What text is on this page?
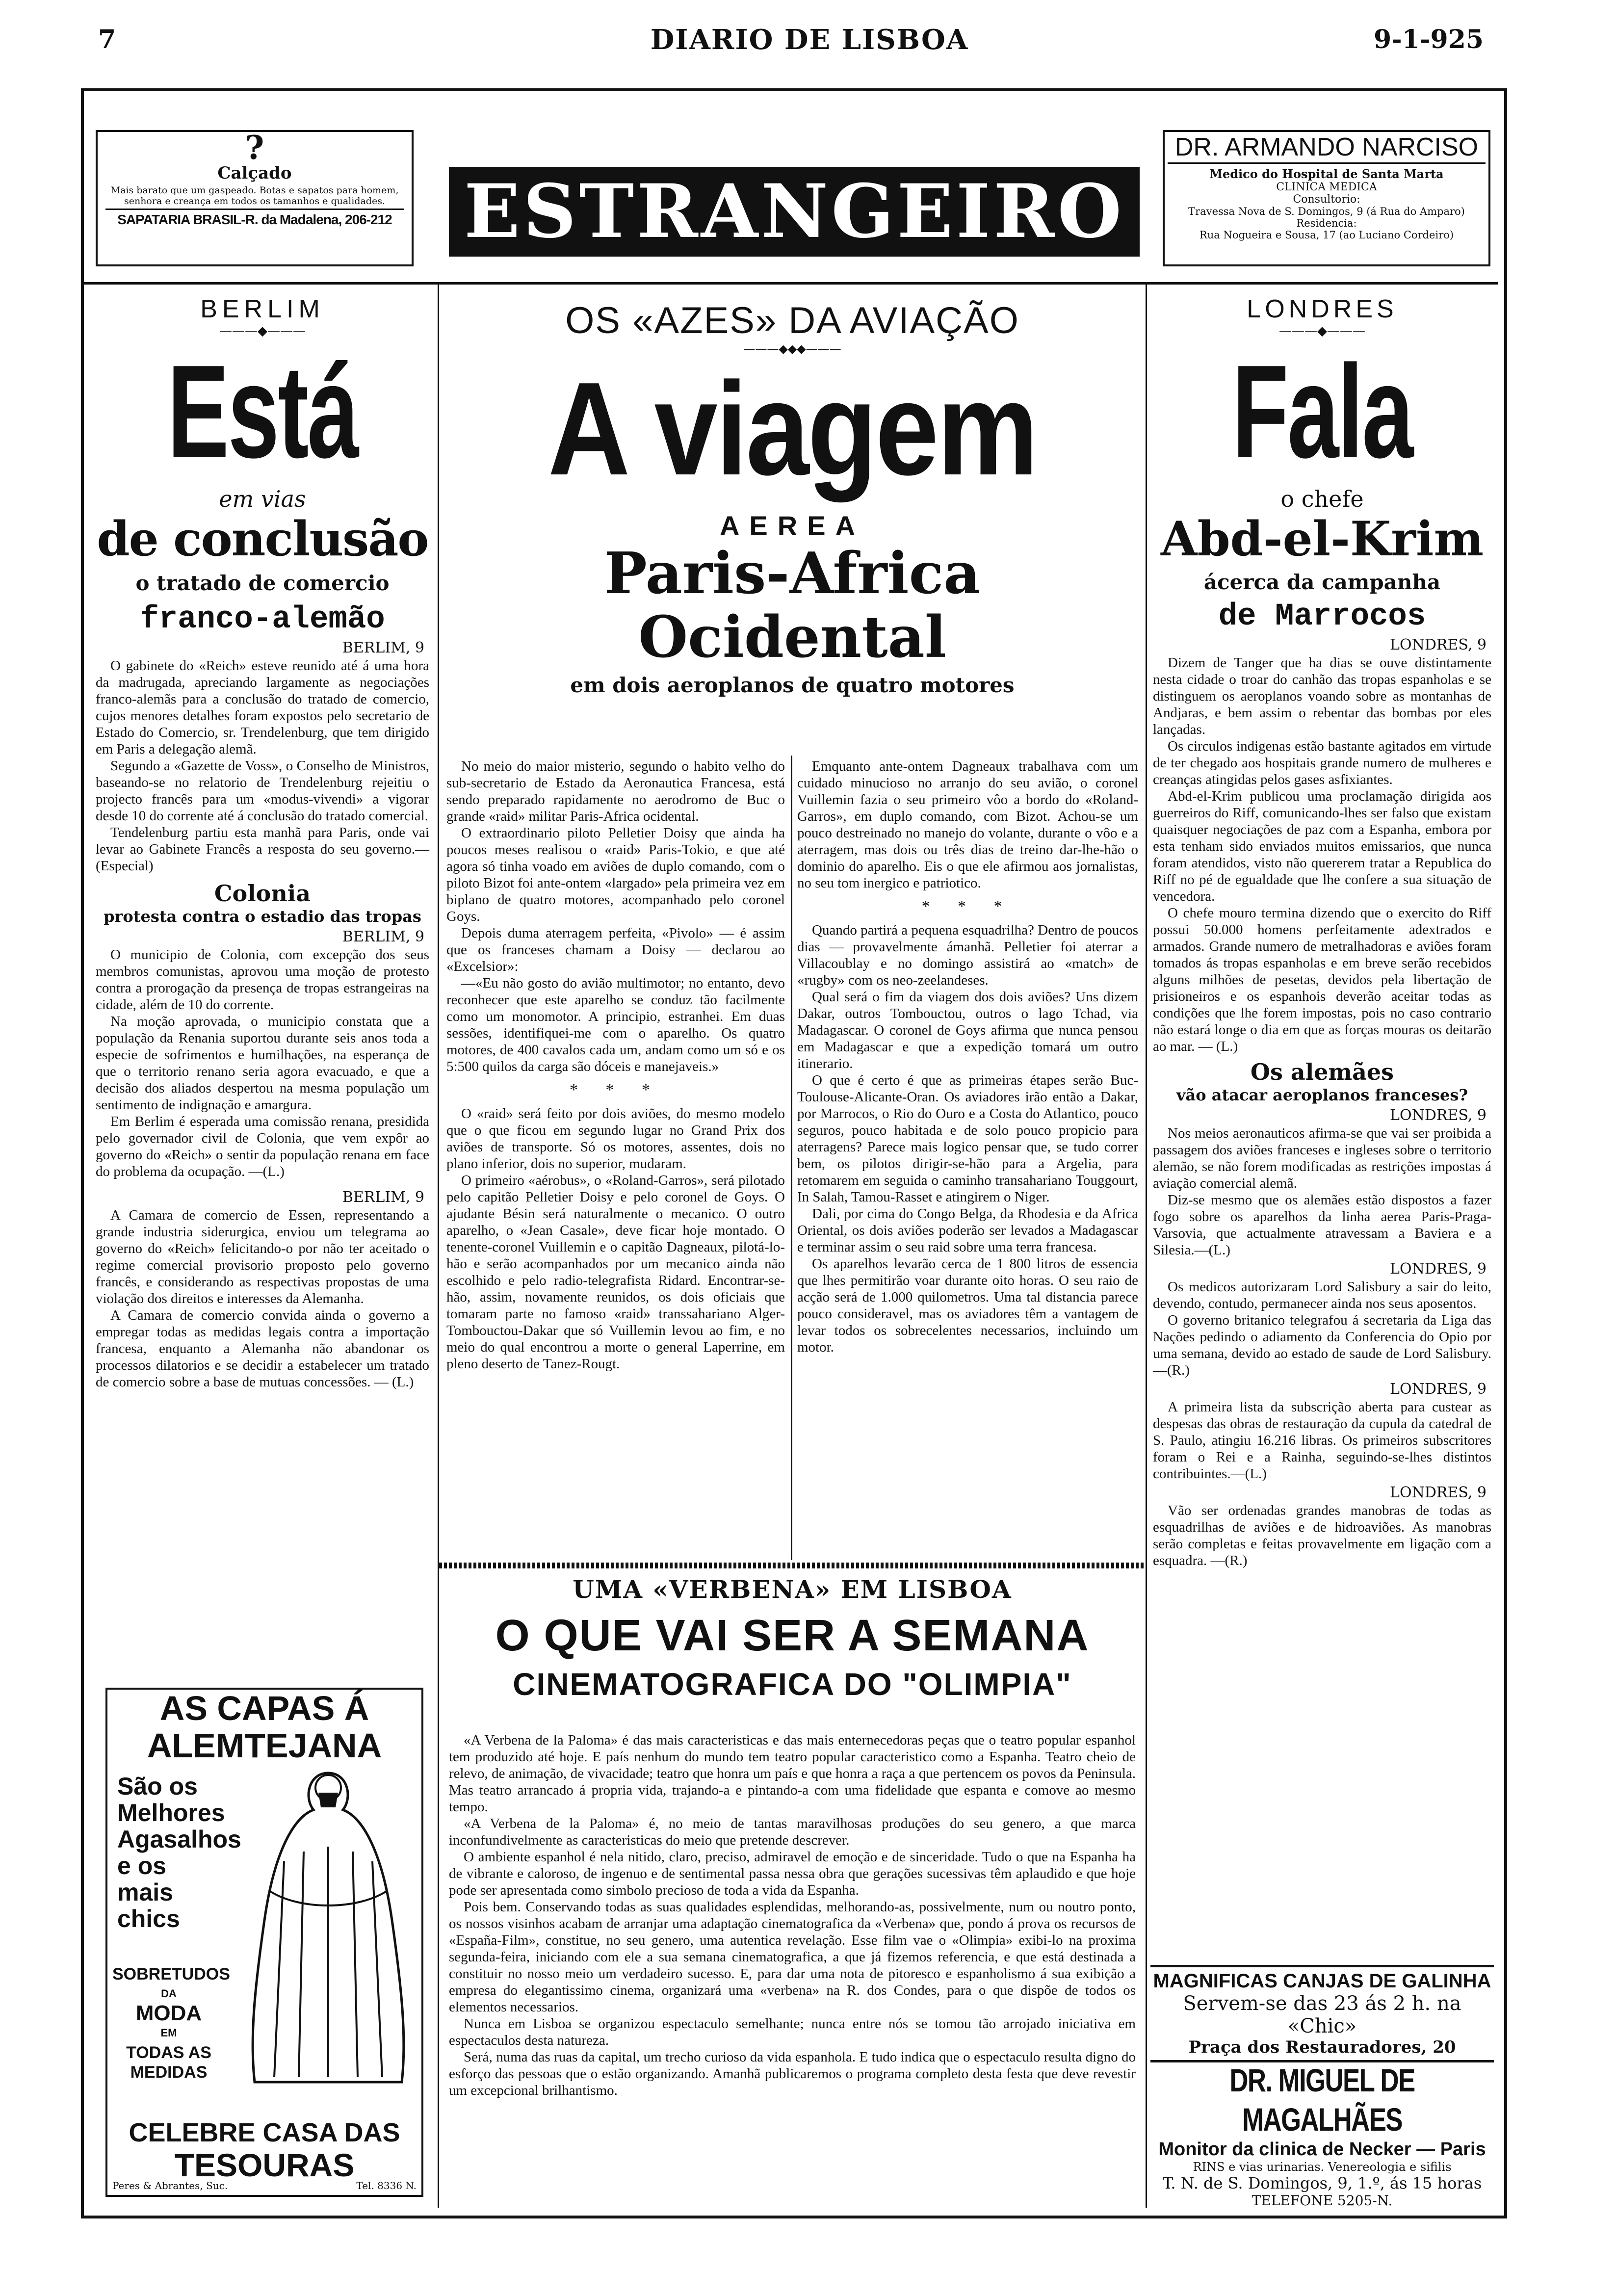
7	DIARIO DE LISBOA	9-1-925
?
Calçado
Mais barato que um gaspeado. Botas e sapatos para homem, senhora e creança em todos os tamanhos e qualidades.
SAPATARIA BRASIL-R. da Madalena, 206-212 ESTRANGEIRO
DR. ARMANDO NARCISO
Medico do Hospital de Santa Marta
CLINICA MEDICA
Consultorio:
Travessa Nova de S. Domingos, 9 (á Rua do Amparo)
Residencia:
Rua Nogueira e Sousa, 17 (ao Luciano Cordeiro)
BERLIM
———◆———
Está
em vias
de conclusão
o tratado de comercio
franco-alemão
BERLIM, 9

O gabinete do «Reich» esteve reunido até á uma hora da madrugada, apreciando largamente as negociações franco-alemãs para a conclusão do tratado de comercio, cujos menores detalhes foram expostos pelo secretario de Estado do Comercio, sr. Trendelenburg, que tem dirigido em Paris a delegação alemã.

Segundo a «Gazette de Voss», o Conselho de Ministros, baseando-se no relatorio de Trendelenburg rejeitiu o projecto francês para um «modus-vivendi» a vigorar desde 10 do corrente até á conclusão do tratado comercial.

Tendelenburg partiu esta manhã para Paris, onde vai levar ao Gabinete Francês a resposta do seu governo.—(Especial)

Colonia
protesta contra o estadio das tropas
BERLIM, 9

O municipio de Colonia, com excepção dos seus membros comunistas, aprovou uma moção de protesto contra a prorogação da presença de tropas estrangeiras na cidade, além de 10 do corrente.

Na moção aprovada, o municipio constata que a população da Renania suportou durante seis anos toda a especie de sofrimentos e humilhações, na esperança de que o territorio renano seria agora evacuado, e que a decisão dos aliados despertou na mesma população um sentimento de indignação e amargura.

Em Berlim é esperada uma comissão renana, presidida pelo governador civil de Colonia, que vem expôr ao governo do «Reich» o sentir da população renana em face do problema da ocupação. —(L.)

BERLIM, 9

A Camara de comercio de Essen, representando a grande industria siderurgica, enviou um telegrama ao governo do «Reich» felicitando-o por não ter aceitado o regime comercial provisorio proposto pelo governo francês, e considerando as respectivas propostas de uma violação dos direitos e interesses da Alemanha.

A Camara de comercio convida ainda o governo a empregar todas as medidas legais contra a importação francesa, enquanto a Alemanha não abandonar os processos dilatorios e se decidir a estabelecer um tratado de comercio sobre a base de mutuas concessões. — (L.)

AS CAPAS Á
ALEMTEJANA
São os
Melhores
Agasalhos
e os
mais
chics
SOBRETUDOS
DA
MODA
EM
TODAS AS
MEDIDAS
CELEBRE CASA DAS
TESOURAS
Peres & Abrantes, Suc.	Tel. 8336 N.
OS «AZES» DA AVIAÇÃO
———◆◆◆———
A viagem
AEREA
Paris-Africa Ocidental
em dois aeroplanos de quatro motores

No meio do maior misterio, segundo o habito velho do sub-secretario de Estado da Aeronautica Francesa, está sendo preparado rapidamente no aerodromo de Buc o grande «raid» militar Paris-Africa ocidental.

O extraordinario piloto Pelletier Doisy que ainda ha poucos meses realisou o «raid» Paris-Tokio, e que até agora só tinha voado em aviões de duplo comando, com o piloto Bizot foi ante-ontem «largado» pela primeira vez em biplano de quatro motores, acompanhado pelo coronel Goys.

Depois duma aterragem perfeita, «Pivolo» — é assim que os franceses chamam a Doisy — declarou ao «Excelsior»:

—«Eu não gosto do avião multimotor; no entanto, devo reconhecer que este aparelho se conduz tão facilmente como um monomotor. A principio, estranhei. Em duas sessões, identifiquei-me com o aparelho. Os quatro motores, de 400 cavalos cada um, andam como um só e os 5:500 quilos da carga são dóceis e manejaveis.»

* * *

O «raid» será feito por dois aviões, do mesmo modelo que o que ficou em segundo lugar no Grand Prix dos aviões de transporte. Só os motores, assentes, dois no plano inferior, dois no superior, mudaram.

O primeiro «aérobus», o «Roland-Garros», será pilotado pelo capitão Pelletier Doisy e pelo coronel de Goys. O ajudante Bésin será naturalmente o mecanico. O outro aparelho, o «Jean Casale», deve ficar hoje montado. O tenente-coronel Vuillemin e o capitão Dagneaux, pilotá-lo-hão e serão acompanhados por um mecanico ainda não escolhido e pelo radio-telegrafista Ridard. Encontrar-se-hão, assim, novamente reunidos, os dois oficiais que tomaram parte no famoso «raid» transsahariano Alger-Tombouctou-Dakar que só Vuillemin levou ao fim, e no meio do qual encontrou a morte o general Laperrine, em pleno deserto de Tanez-Rougt.

Emquanto ante-ontem Dagneaux trabalhava com um cuidado minucioso no arranjo do seu avião, o coronel Vuillemin fazia o seu primeiro vôo a bordo do «Roland-Garros», em duplo comando, com Bizot. Achou-se um pouco destreinado no manejo do volante, durante o vôo e a aterragem, mas dois ou três dias de treino dar-lhe-hão o dominio do aparelho. Eis o que ele afirmou aos jornalistas, no seu tom inergico e patriotico.

* * *

Quando partirá a pequena esquadrilha? Dentro de poucos dias — provavelmente ámanhã. Pelletier foi aterrar a Villacoublay e no domingo assistirá ao «match» de «rugby» com os neo-zeelandeses.

Qual será o fim da viagem dos dois aviões? Uns dizem Dakar, outros Tombouctou, outros o lago Tchad, via Madagascar. O coronel de Goys afirma que nunca pensou em Madagascar e que a expedição tomará um outro itinerario.

O que é certo é que as primeiras étapes serão Buc-Toulouse-Alicante-Oran. Os aviadores irão então a Dakar, por Marrocos, o Rio do Ouro e a Costa do Atlantico, pouco seguros, pouco habitada e de solo pouco propicio para aterragens? Parece mais logico pensar que, se tudo correr bem, os pilotos dirigir-se-hão para a Argelia, para retomarem em seguida o caminho transahariano Touggourt, In Salah, Tamou-Rasset e atingirem o Niger.

Dali, por cima do Congo Belga, da Rhodesia e da Africa Oriental, os dois aviões poderão ser levados a Madagascar e terminar assim o seu raid sobre uma terra francesa.

Os aparelhos levarão cerca de 1 800 litros de essencia que lhes permitirão voar durante oito horas. O seu raio de acção será de 1.000 quilometros. Uma tal distancia parece pouco consideravel, mas os aviadores têm a vantagem de levar todos os sobrecelentes necessarios, incluindo um motor.

UMA «VERBENA» EM LISBOA
O QUE VAI SER A SEMANA
CINEMATOGRAFICA DO "OLIMPIA"

«A Verbena de la Paloma» é das mais caracteristicas e das mais enternecedoras peças que o teatro popular espanhol tem produzido até hoje. E país nenhum do mundo tem teatro popular caracteristico como a Espanha. Teatro cheio de relevo, de animação, de vivacidade; teatro que honra um país e que honra a raça a que pertencem os povos da Peninsula. Mas teatro arrancado á propria vida, trajando-a e pintando-a com uma fidelidade que espanta e comove ao mesmo tempo.

«A Verbena de la Paloma» é, no meio de tantas maravilhosas produções do seu genero, a que marca inconfundivelmente as caracteristicas do meio que pretende descrever.

O ambiente espanhol é nela nitido, claro, preciso, admiravel de emoção e de sinceridade. Tudo o que na Espanha ha de vibrante e caloroso, de ingenuo e de sentimental passa nessa obra que gerações sucessivas têm aplaudido e que hoje pode ser apresentada como simbolo precioso de toda a vida da Espanha.

Pois bem. Conservando todas as suas qualidades esplendidas, melhorando-as, possivelmente, num ou noutro ponto, os nossos visinhos acabam de arranjar uma adaptação cinematografica da «Verbena» que, pondo á prova os recursos de «España-Film», constitue, no seu genero, uma autentica revelação. Esse film vae o «Olimpia» exibi-lo na proxima segunda-feira, iniciando com ele a sua semana cinematografica, a que já fizemos referencia, e que está destinada a constituir no nosso meio um verdadeiro sucesso. E, para dar uma nota de pitoresco e espanholismo á sua exibição a empresa do elegantissimo cinema, organizará uma «verbena» na R. dos Condes, para o que dispõe de todos os elementos necessarios.

Nunca em Lisboa se organizou espectaculo semelhante; nunca entre nós se tomou tão arrojado iniciativa em espectaculos desta natureza.

Será, numa das ruas da capital, um trecho curioso da vida espanhola. E tudo indica que o espectaculo resulta digno do esforço das pessoas que o estão organizando. Amanhã publicaremos o programa completo desta festa que deve revestir um excepcional brilhantismo.

LONDRES
———◆———
Fala
o chefe
Abd-el-Krim
ácerca da campanha
de Marrocos
LONDRES, 9

Dizem de Tanger que ha dias se ouve distintamente nesta cidade o troar do canhão das tropas espanholas e se distinguem os aeroplanos voando sobre as montanhas de Andjaras, e bem assim o rebentar das bombas por eles lançadas.

Os circulos indigenas estão bastante agitados em virtude de ter chegado aos hospitais grande numero de mulheres e creanças atingidas pelos gases asfixiantes.

Abd-el-Krim publicou uma proclamação dirigida aos guerreiros do Riff, comunicando-lhes ser falso que existam quaisquer negociações de paz com a Espanha, embora por esta tenham sido enviados muitos emissarios, que nunca foram atendidos, visto não quererem tratar a Republica do Riff no pé de egualdade que lhe confere a sua situação de vencedora.

O chefe mouro termina dizendo que o exercito do Riff possui 50.000 homens perfeitamente adextrados e armados. Grande numero de metralhadoras e aviões foram tomados ás tropas espanholas e em breve serão recebidos alguns milhões de pesetas, devidos pela libertação de prisioneiros e os espanhois deverão aceitar todas as condições que lhe forem impostas, pois no caso contrario não estará longe o dia em que as forças mouras os deitarão ao mar. — (L.)

Os alemães
vão atacar aeroplanos franceses?
LONDRES, 9

Nos meios aeronauticos afirma-se que vai ser proibida a passagem dos aviões franceses e ingleses sobre o territorio alemão, se não forem modificadas as restrições impostas á aviação comercial alemã.

Diz-se mesmo que os alemães estão dispostos a fazer fogo sobre os aparelhos da linha aerea Paris-Praga-Varsovia, que actualmente atravessam a Baviera e a Silesia.—(L.)

LONDRES, 9

Os medicos autorizaram Lord Salisbury a sair do leito, devendo, contudo, permanecer ainda nos seus aposentos.

O governo britanico telegrafou á secretaria da Liga das Nações pedindo o adiamento da Conferencia do Opio por uma semana, devido ao estado de saude de Lord Salisbury.—(R.)

LONDRES, 9

A primeira lista da subscrição aberta para custear as despesas das obras de restauração da cupula da catedral de S. Paulo, atingiu 16.216 libras. Os primeiros subscritores foram o Rei e a Rainha, seguindo-se-lhes distintos contribuintes.—(L.)

LONDRES, 9

Vão ser ordenadas grandes manobras de todas as esquadrilhas de aviões e de hidroaviões. As manobras serão completas e feitas provavelmente em ligação com a esquadra. —(R.)

MAGNIFICAS CANJAS DE GALINHA
Servem-se das 23 ás 2 h. na «Chic»
Praça dos Restauradores, 20
DR. MIGUEL DE MAGALHÃES
Monitor da clinica de Necker — Paris
RINS e vias urinarias. Venereologia e sifilis
T. N. de S. Domingos, 9, 1.º, ás 15 horas
TELEFONE 5205-N.
